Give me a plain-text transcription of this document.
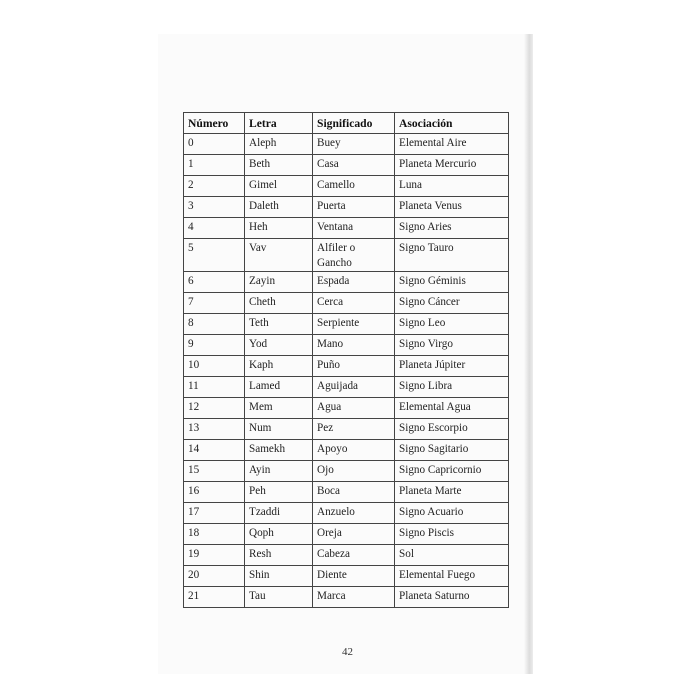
Número	Letra	Significado	Asociación
0	Aleph	Buey	Elemental Aire
1	Beth	Casa	Planeta Mercurio
2	Gimel	Camello	Luna
3	Daleth	Puerta	Planeta Venus
4	Heh	Ventana	Signo Aries
5	Vav	Alfiler o Gancho	Signo Tauro
6	Zayin	Espada	Signo Géminis
7	Cheth	Cerca	Signo Cáncer
8	Teth	Serpiente	Signo Leo
9	Yod	Mano	Signo Virgo
10	Kaph	Puño	Planeta Júpiter
11	Lamed	Aguijada	Signo Libra
12	Mem	Agua	Elemental Agua
13	Num	Pez	Signo Escorpio
14	Samekh	Apoyo	Signo Sagitario
15	Ayin	Ojo	Signo Capricornio
16	Peh	Boca	Planeta Marte
17	Tzaddi	Anzuelo	Signo Acuario
18	Qoph	Oreja	Signo Piscis
19	Resh	Cabeza	Sol
20	Shin	Diente	Elemental Fuego
21	Tau	Marca	Planeta Saturno
42
